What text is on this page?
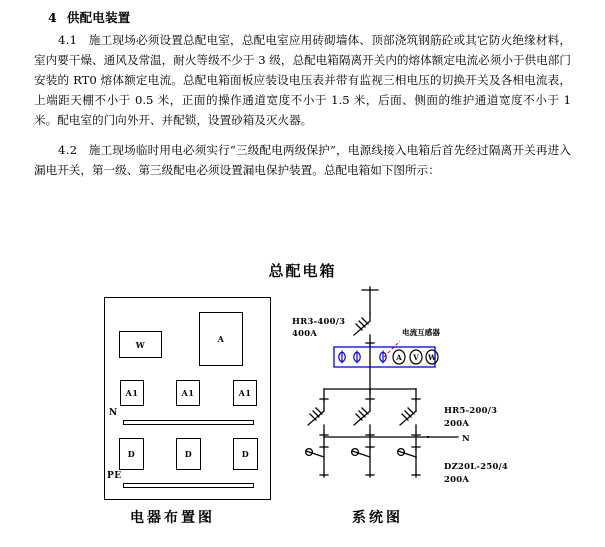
4 供配电装置

4.1 施工现场必须设置总配电室，总配电室应用砖砌墙体、顶部浇筑钢筋砼或其它防火绝缘材料，室内要干燥、通风及常温，耐火等级不少于 3 级，总配电箱隔离开关内的熔体额定电流必须小于供电部门安装的 RT0 熔体额定电流。总配电箱面板应装设电压表并带有监视三相电压的切换开关及各相电流表，上端距天棚不小于 0.5 米，正面的操作通道宽度不小于 1.5 米，后面、侧面的维护通道宽度不小于 1 米。配电室的门向外开、并配锁，设置砂箱及灭火器。

4.2 施工现场临时用电必须实行“三级配电两级保护”，电源线接入电箱后首先经过隔离开关再进入漏电开关，第一级、第三级配电必须设置漏电保护装置。总配电箱如下图所示：

总配电箱
W
A
A1	A1	A1
N
D	D	D
PE
电器布置图
A V W
HR3-400/3
400A	电流互感器
HR5-200/3
200A
N
DZ20L-250/4
200A
系统图
